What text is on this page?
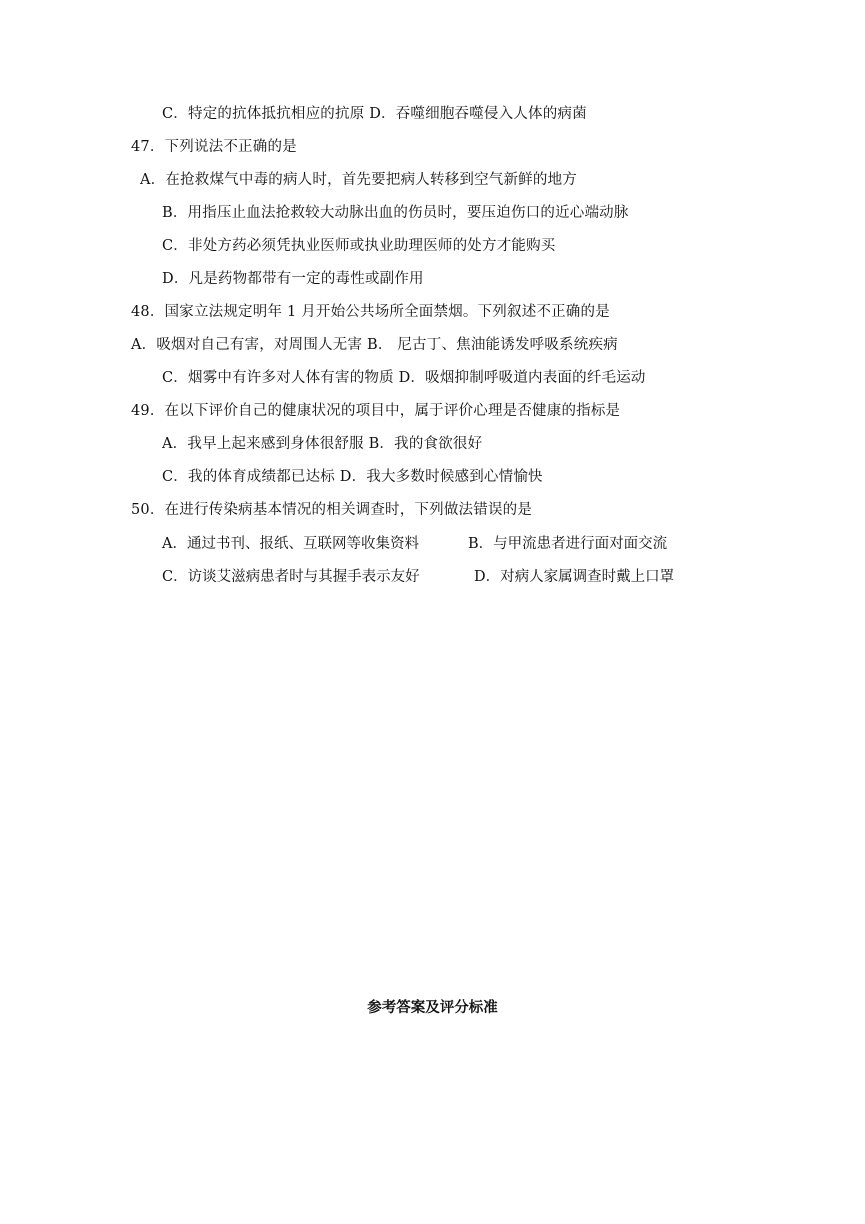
C．特定的抗体抵抗相应的抗原 D．吞噬细胞吞噬侵入人体的病菌
47．下列说法不正确的是
A．在抢救煤气中毒的病人时，首先要把病人转移到空气新鲜的地方
B．用指压止血法抢救较大动脉出血的伤员时，要压迫伤口的近心端动脉
C．非处方药必须凭执业医师或执业助理医师的处方才能购买
D．凡是药物都带有一定的毒性或副作用
48．国家立法规定明年 1 月开始公共场所全面禁烟。下列叙述不正确的是
A．吸烟对自己有害，对周围人无害 B． 尼古丁、焦油能诱发呼吸系统疾病
C．烟雾中有许多对人体有害的物质 D．吸烟抑制呼吸道内表面的纤毛运动
49．在以下评价自己的健康状况的项目中，属于评价心理是否健康的指标是
A．我早上起来感到身体很舒服 B．我的食欲很好
C．我的体育成绩都已达标 D．我大多数时候感到心情愉快
50．在进行传染病基本情况的相关调查时，下列做法错误的是
A．通过书刊、报纸、互联网等收集资料	B．与甲流患者进行面对面交流
C．访谈艾滋病患者时与其握手表示友好	D．对病人家属调查时戴上口罩
参考答案及评分标准
